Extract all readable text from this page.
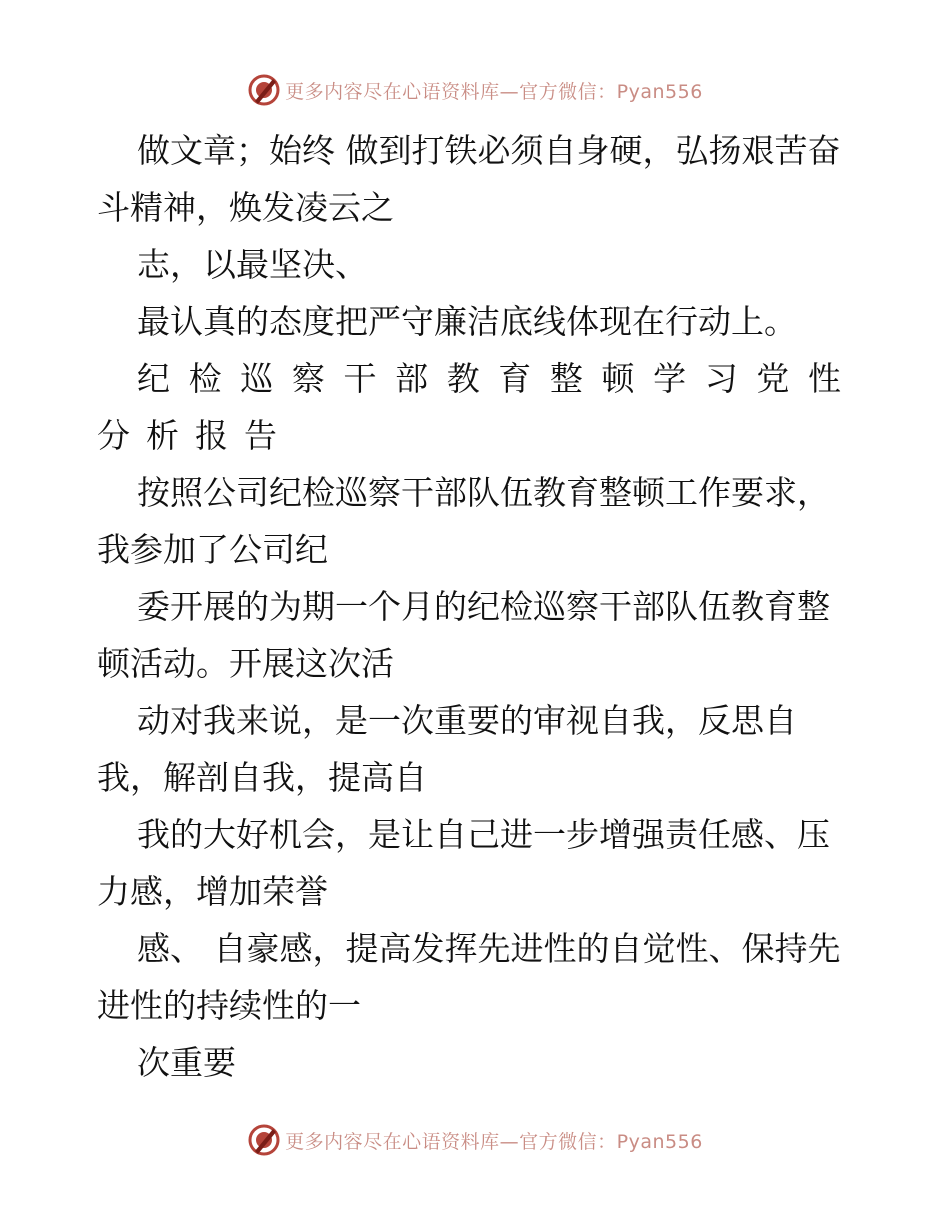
更多内容尽在心语资料库—官方微信：Pyan556

做文章；始终 做到打铁必须自身硬，弘扬艰苦奋斗精神，焕发凌云之

志，以最坚决、

最认真的态度把严守廉洁底线体现在行动上。

纪检巡察干部教育整顿学习党性分析报告

按照公司纪检巡察干部队伍教育整顿工作要求，我参加了公司纪

委开展的为期一个月的纪检巡察干部队伍教育整顿活动。开展这次活

动对我来说，是一次重要的审视自我，反思自我，解剖自我，提高自

我的大好机会，是让自己进一步增强责任感、压力感，增加荣誉

感、 自豪感，提高发挥先进性的自觉性、保持先进性的持续性的一

次重要

更多内容尽在心语资料库—官方微信：Pyan556
